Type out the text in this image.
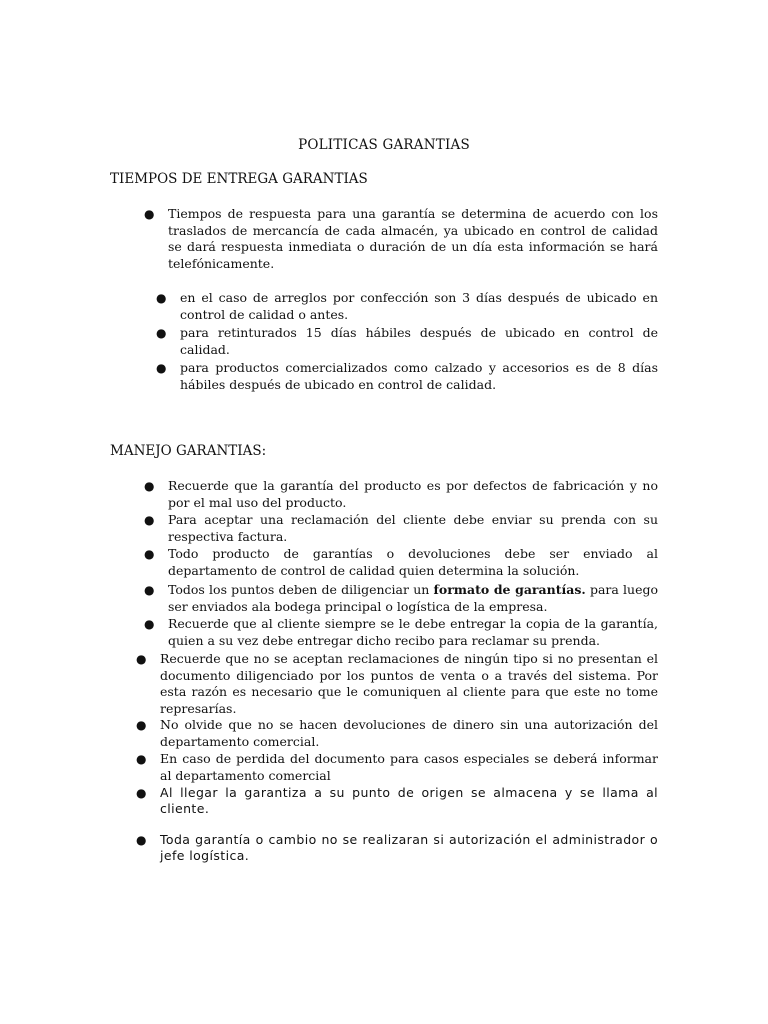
POLITICAS GARANTIAS
TIEMPOS DE ENTREGA GARANTIAS
● Tiempos de respuesta para una garantía se determina de acuerdo con los traslados de mercancía de cada almacén, ya ubicado en control de calidad se dará respuesta inmediata o duración de un día esta información se hará telefónicamente.
● en el caso de arreglos por confección son 3 días después de ubicado en control de calidad o antes.
● para retinturados 15 días hábiles después de ubicado en control de calidad.
● para productos comercializados como calzado y accesorios es de 8 días hábiles después de ubicado en control de calidad.
MANEJO GARANTIAS:
● Recuerde que la garantía del producto es por defectos de fabricación y no por el mal uso del producto.
● Para aceptar una reclamación del cliente debe enviar su prenda con su respectiva factura.
● Todo producto de garantías o devoluciones debe ser enviado al departamento de control de calidad quien determina la solución.
● Todos los puntos deben de diligenciar un formato de garantías. para luego ser enviados ala bodega principal o logística de la empresa.
● Recuerde que al cliente siempre se le debe entregar la copia de la garantía, quien a su vez debe entregar dicho recibo para reclamar su prenda.
● Recuerde que no se aceptan reclamaciones de ningún tipo si no presentan el documento diligenciado por los puntos de venta o a través del sistema. Por esta razón es necesario que le comuniquen al cliente para que este no tome represarías.
● No olvide que no se hacen devoluciones de dinero sin una autorización del departamento comercial.
● En caso de perdida del documento para casos especiales se deberá informar al departamento comercial
● Al llegar la garantiza a su punto de origen se almacena y se llama al cliente.
● Toda garantía o cambio no se realizaran si autorización el administrador o jefe logística.
